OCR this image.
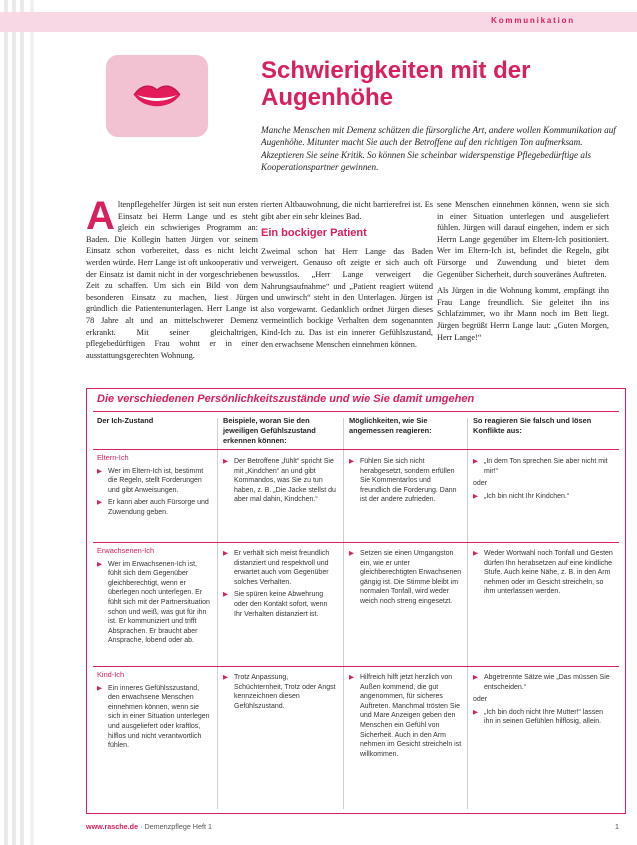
Kommunikation
Schwierigkeiten mit der Augenhöhe

Manche Menschen mit Demenz schätzen die fürsorgliche Art, andere wollen Kommunikation auf Augenhöhe. Mitunter macht Sie auch der Betroffene auf den richtigen Ton aufmerksam. Akzeptieren Sie seine Kritik. So können Sie scheinbar widerspenstige Pflegebedürftige als Kooperationspartner gewinnen.

Altenpflegehelfer Jürgen ist seit nun ersten Einsatz bei Herrn Lange und es steht gleich ein schwieriges Programm an: Baden. Die Kollegin hatten Jürgen vor seinem Einsatz schon vorbereitet, dass es nicht leicht werden würde. Herr Lange ist oft unkooperativ und der Einsatz ist damit nicht in der vorgeschriebenen Zeit zu schaffen. Um sich ein Bild von dem besonderen Einsatz zu machen, liest Jürgen gründlich die Patientenunterlagen. Herr Lange ist 78 Jahre alt und an mittelschwerer Demenz erkrankt. Mit seiner gleichaltrigen, pflegebedürftigen Frau wohnt er in einer ausstattungsgerechten Wohnung.

rierten Altbauwohnung, die nicht barrierefrei ist. Es gibt aber ein sehr kleines Bad.

Ein bockiger Patient

Zweimal schon hat Herr Lange das Baden verweigert. Genauso oft zeigte er sich auch oft bewusstlos. „Herr Lange verweigert die Nahrungsaufnahme“ und „Patient reagiert wütend und unwirsch“ steht in den Unterlagen. Jürgen ist also vorgewarnt. Gedanklich ordnet Jürgen dieses vermeintlich bockige Verhalten dem sogenannten Kind-Ich zu. Das ist ein innerer Gefühlszustand, den erwachsene Menschen einnehmen können.

sene Menschen einnehmen können, wenn sie sich in einer Situation unterlegen und ausgeliefert fühlen. Jürgen will darauf eingehen, indem er sich Herrn Lange gegenüber im Eltern-Ich positioniert. Wer im Eltern-Ich ist, befindet die Regeln, gibt Fürsorge und Zuwendung und bietet dem Gegenüber Sicherheit, durch souveränes Auftreten.

Als Jürgen in die Wohnung kommt, empfängt ihn Frau Lange freundlich. Sie geleitet ihn ins Schlafzimmer, wo ihr Mann noch im Bett liegt. Jürgen begrüßt Herrn Lange laut: „Guten Morgen, Herr Lange!“

Die verschiedenen Persönlichkeitszustände und wie Sie damit umgehen

Der Ich-Zustand	Beispiele, woran Sie den jeweiligen Gefühlszustand erkennen können:
Möglichkeiten, wie Sie angemessen reagieren:
So reagieren Sie falsch und lösen Konflikte aus:
Eltern-Ich
▶ Wer im Eltern-Ich ist, bestimmt die Regeln, stellt Forderungen und gibt Anweisungen.
▶ Er kann aber auch Fürsorge und Zuwendung geben.
▶ Der Betroffene „fühlt“ spricht Sie mit „Kindchen“ an und gibt Kommandos, was Sie zu tun haben, z. B. „Die Jacke stellst du aber mal dahin, Kindchen.“
▶ Fühlen Sie sich nicht herabgesetzt, sondern erfüllen Sie Kommentarlos und freundlich die Forderung. Dann ist der andere zufrieden.
▶ „In dem Ton sprechen Sie aber nicht mit mir!“
oder
▶ „Ich bin nicht Ihr Kindchen.“
Erwachsenen-Ich
▶ Wer im Erwachsenen-Ich ist, fühlt sich dem Gegenüber gleichberechtigt, wenn er überlegen noch unterlegen. Er fühlt sich mit der Partnersituation schon und weiß, was gut für ihn ist. Er kommuniziert und trifft Absprachen. Er braucht aber Ansprache, lobend oder ab.
▶ Er verhält sich meist freundlich distanziert und respektvoll und erwartet auch vom Gegenüber solches Verhalten.
▶ Sie spüren keine Abwehrung oder den Kontakt sofort, wenn Ihr Verhalten distanziert ist.
▶ Setzen sie einen Umgangston ein, wie er unter gleichberechtigten Erwachsenen gängig ist. Die Stimme bleibt im normalen Tonfall, wird weder weich noch streng eingesetzt.
▶ Weder Wortwahl noch Tonfall und Gesten dürfen Ihn herabsetzen auf eine kindliche Stufe. Auch keine Nähe, z. B. in den Arm nehmen oder im Gesicht streicheln, so ihm unterlassen werden.
Kind-Ich
▶ Ein inneres Gefühlsszustand, den erwachsene Menschen einnehmen können, wenn sie sich in einer Situation unterlegen und ausgeliefert oder kraftlos, hilflos und nicht verantwortlich fühlen.
▶ Trotz Anpassung, Schüchternheit, Trotz oder Angst kennzeichnen diesen Gefühlszustand.
▶ Hilfreich hilft jetzt herzlich von Außen kommend, die gut angenommen, für sicheres Auftreten. Manchmal trösten Sie und Mare Anzeigen geben den Menschen ein Gefühl von Sicherheit. Auch in den Arm nehmen im Gesicht streicheln ist willkommen.
▶ Abgetrennte Sätze wie „Das müssen Sie entscheiden.“
oder
▶ „Ich bin doch nicht Ihre Mutter!“ lassen ihn in seinen Gefühlen hilflosig, allein.
www.rasche.de · Demenzpflege Heft 1	1
